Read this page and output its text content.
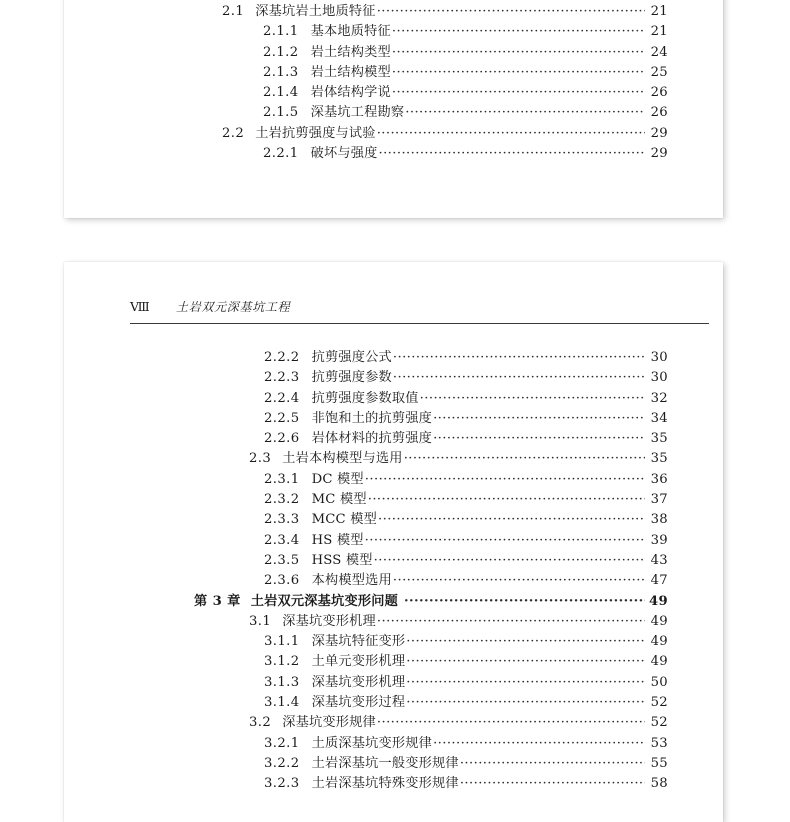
2.1 深基坑岩土地质特征 ·····	21
2.1.1 基本地质特征 ·····	21
2.1.2 岩土结构类型 ·····	24
2.1.3 岩土结构模型 ·····	25
2.1.4 岩体结构学说 ·····	26
2.1.5 深基坑工程勘察 ·····	26
2.2 土岩抗剪强度与试验 ·····	29
2.2.1 破坏与强度 ·····	29
Ⅷ	土岩双元深基坑工程
2.2.2 抗剪强度公式 ·····	30
2.2.3 抗剪强度参数 ·····	30
2.2.4 抗剪强度参数取值 ·····	32
2.2.5 非饱和土的抗剪强度 ·····	34
2.2.6 岩体材料的抗剪强度 ·····	35
2.3 土岩本构模型与选用 ·····	35
2.3.1 DC 模型 ·····	36
2.3.2 MC 模型 ·····	37
2.3.3 MCC 模型 ·····	38
2.3.4 HS 模型 ·····	39
2.3.5 HSS 模型 ·····	43
2.3.6 本构模型选用 ·····	47
第 3 章 土岩双元深基坑变形问题 ·····	49
3.1 深基坑变形机理 ·····	49
3.1.1 深基坑特征变形 ·····	49
3.1.2 土单元变形机理 ·····	49
3.1.3 深基坑变形机理 ·····	50
3.1.4 深基坑变形过程 ·····	52
3.2 深基坑变形规律 ·····	52
3.2.1 土质深基坑变形规律 ·····	53
3.2.2 土岩深基坑一般变形规律 ·····	55
3.2.3 土岩深基坑特殊变形规律 ·····	58
